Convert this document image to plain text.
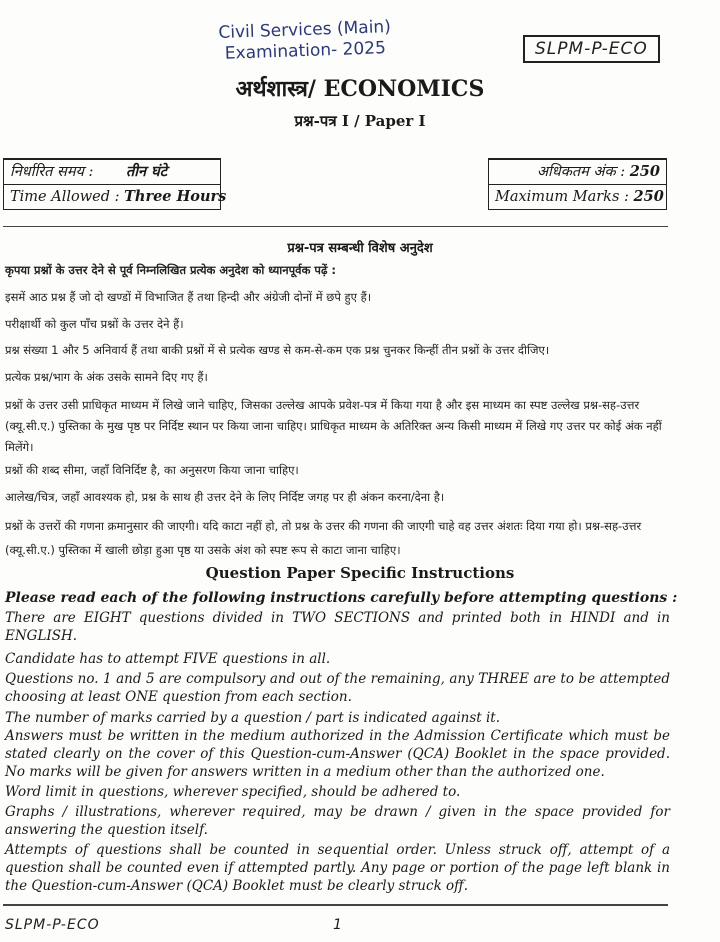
Civil Services (Main)
Examination- 2025	SLPM-P-ECO
अर्थशास्त्र/ ECONOMICS
प्रश्न-पत्र I / Paper I
निर्धारित समय : तीन घंटे
Time Allowed : Three Hours
अधिकतम अंक : 250
Maximum Marks : 250
प्रश्न-पत्र सम्बन्धी विशेष अनुदेश
कृपया प्रश्नों के उत्तर देने से पूर्व निम्नलिखित प्रत्येक अनुदेश को ध्यानपूर्वक पढ़ें :
इसमें आठ प्रश्न हैं जो दो खण्डों में विभाजित हैं तथा हिन्दी और अंग्रेजी दोनों में छपे हुए हैं।
परीक्षार्थी को कुल पाँच प्रश्नों के उत्तर देने हैं।
प्रश्न संख्या 1 और 5 अनिवार्य हैं तथा बाकी प्रश्नों में से प्रत्येक खण्ड से कम-से-कम एक प्रश्न चुनकर किन्हीं तीन प्रश्नों के उत्तर दीजिए।
प्रत्येक प्रश्न/भाग के अंक उसके सामने दिए गए हैं।
प्रश्नों के उत्तर उसी प्राधिकृत माध्यम में लिखे जाने चाहिए, जिसका उल्लेख आपके प्रवेश-पत्र में किया गया है और इस माध्यम का स्पष्ट उल्लेख प्रश्न-सह-उत्तर (क्यू.सी.ए.) पुस्तिका के मुख पृष्ठ पर निर्दिष्ट स्थान पर किया जाना चाहिए। प्राधिकृत माध्यम के अतिरिक्त अन्य किसी माध्यम में लिखे गए उत्तर पर कोई अंक नहीं मिलेंगे।
प्रश्नों की शब्द सीमा, जहाँ विनिर्दिष्ट है, का अनुसरण किया जाना चाहिए।
आलेख/चित्र, जहाँ आवश्यक हो, प्रश्न के साथ ही उत्तर देने के लिए निर्दिष्ट जगह पर ही अंकन करना/देना है।
प्रश्नों के उत्तरों की गणना क्रमानुसार की जाएगी। यदि काटा नहीं हो, तो प्रश्न के उत्तर की गणना की जाएगी चाहे वह उत्तर अंशतः दिया गया हो। प्रश्न-सह-उत्तर (क्यू.सी.ए.) पुस्तिका में खाली छोड़ा हुआ पृष्ठ या उसके अंश को स्पष्ट रूप से काटा जाना चाहिए।
Question Paper Specific Instructions
Please read each of the following instructions carefully before attempting questions :
There are EIGHT questions divided in TWO SECTIONS and printed both in HINDI and in ENGLISH.
Candidate has to attempt FIVE questions in all.
Questions no. 1 and 5 are compulsory and out of the remaining, any THREE are to be attempted choosing at least ONE question from each section.
The number of marks carried by a question / part is indicated against it.
Answers must be written in the medium authorized in the Admission Certificate which must be stated clearly on the cover of this Question-cum-Answer (QCA) Booklet in the space provided. No marks will be given for answers written in a medium other than the authorized one.
Word limit in questions, wherever specified, should be adhered to.
Graphs / illustrations, wherever required, may be drawn / given in the space provided for answering the question itself.
Attempts of questions shall be counted in sequential order. Unless struck off, attempt of a question shall be counted even if attempted partly. Any page or portion of the page left blank in the Question-cum-Answer (QCA) Booklet must be clearly struck off.
SLPM-P-ECO	1
